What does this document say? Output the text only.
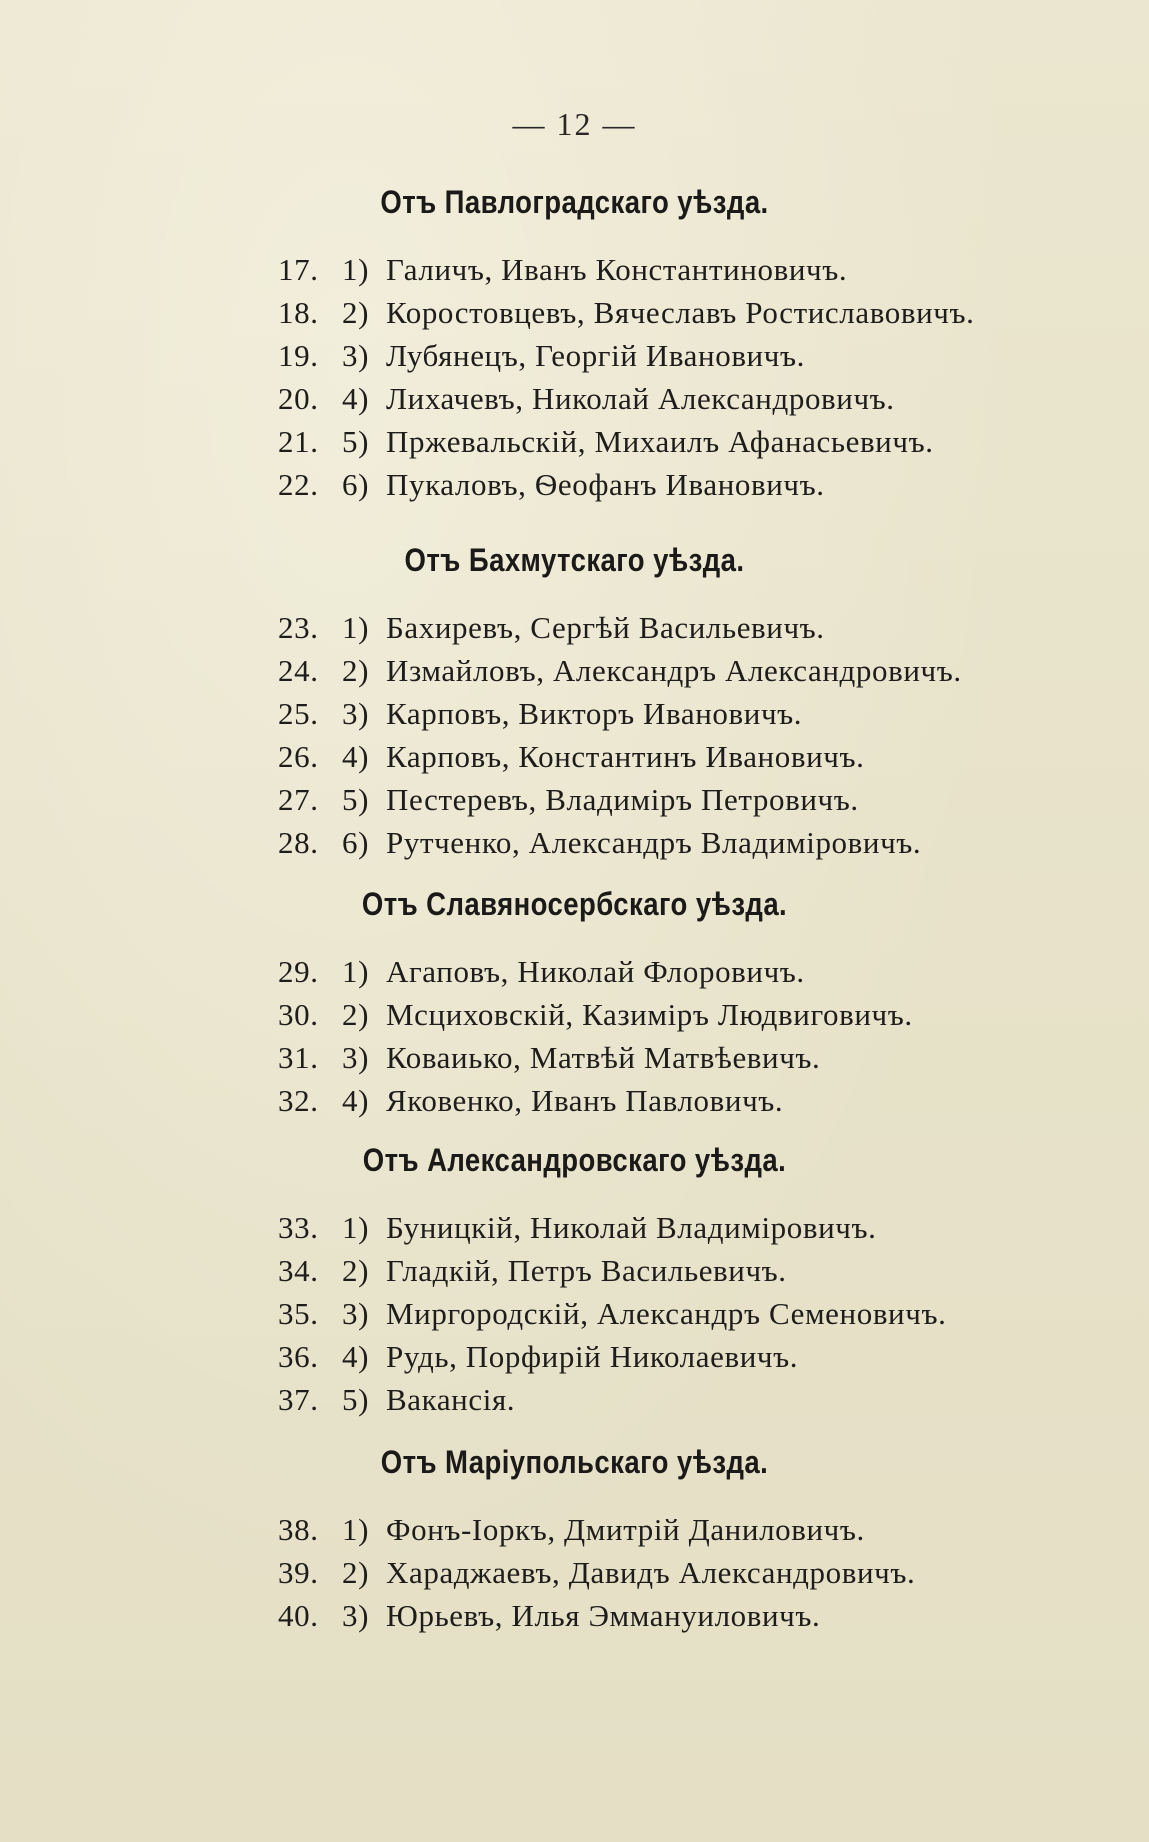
— 12 —
Отъ Павлоградскаго уѣзда.
17. 1) Галичъ, Иванъ Константиновичъ.
18. 2) Коростовцевъ, Вячеславъ Ростиславовичъ.
19. 3) Лубянецъ, Георгій Ивановичъ.
20. 4) Лихачевъ, Николай Александровичъ.
21. 5) Пржевальскій, Михаилъ Афанасьевичъ.
22. 6) Пукаловъ, Ѳеофанъ Ивановичъ.
Отъ Бахмутскаго уѣзда.
23. 1) Бахиревъ, Сергѣй Васильевичъ.
24. 2) Измайловъ, Александръ Александровичъ.
25. 3) Карповъ, Викторъ Ивановичъ.
26. 4) Карповъ, Константинъ Ивановичъ.
27. 5) Пестеревъ, Владиміръ Петровичъ.
28. 6) Рутченко, Александръ Владиміровичъ.
Отъ Славяносербскаго уѣзда.
29. 1) Агаповъ, Николай Флоровичъ.
30. 2) Мсциховскій, Казиміръ Людвиговичъ.
31. 3) Коваиько, Матвѣй Матвѣевичъ.
32. 4) Яковенко, Иванъ Павловичъ.
Отъ Александровскаго уѣзда.
33. 1) Буницкій, Николай Владиміровичъ.
34. 2) Гладкій, Петръ Васильевичъ.
35. 3) Миргородскій, Александръ Семеновичъ.
36. 4) Рудь, Порфирій Николаевичъ.
37. 5) Вакансія.
Отъ Маріупольскаго уѣзда.
38. 1) Фонъ-Іоркъ, Дмитрій Даниловичъ.
39. 2) Хараджаевъ, Давидъ Александровичъ.
40. 3) Юрьевъ, Илья Эммануиловичъ.
